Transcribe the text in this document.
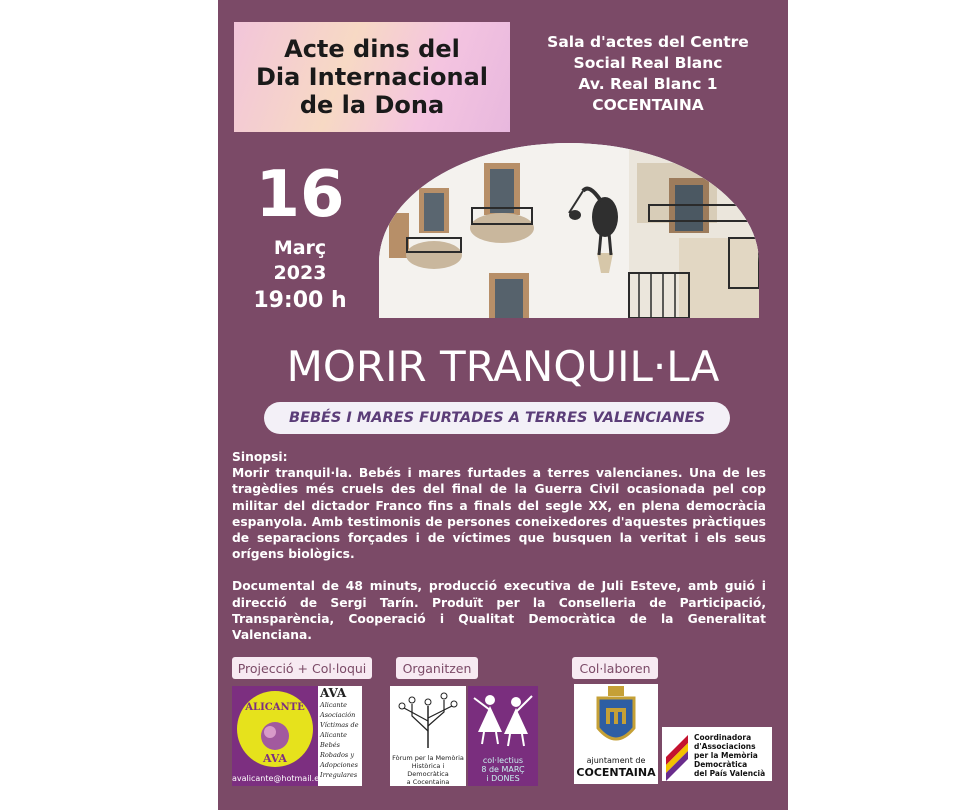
Acte dins del
Dia Internacional
de la Dona
Sala d'actes del Centre
Social Real Blanc
Av. Real Blanc 1
COCENTAINA
16
Març
2023
19:00 h
MORIR TRANQUIL·LA
BEBÉS I MARES FURTADES A TERRES VALENCIANES

Sinopsi:

Morir tranquil·la. Bebés i mares furtades a terres valencianes. Una de les tragèdies més cruels des del final de la Guerra Civil ocasionada pel cop militar del dictador Franco fins a finals del segle XX, en plena democràcia espanyola. Amb testimonis de persones coneixedores d'aquestes pràctiques de separacions forçades i de víctimes que busquen la veritat i els seus orígens biològics.

Documental de 48 minuts, producció executiva de Juli Esteve, amb guió i direcció de Sergi Tarín. Produït per la Conselleria de Participació, Transparència, Cooperació i Qualitat Democràtica de la Generalitat Valenciana.

Projecció + Col·loqui	Organitzen	Col·laboren
ALICANTE
AVA
avalicante@hotmail.es
AVA
Alicante
Asociación
Víctimas de
Alicante
Bebés
Robados y
Adopciones
Irregulares
Fòrum per la Memòria
Històrica i Democràtica
a Cocentaina
col·lectius
8 de MARÇ
i DONES
ajuntament de
COCENTAINA
Coordinadora
d'Associacions
per la Memòria
Democràtica
del País Valencià
